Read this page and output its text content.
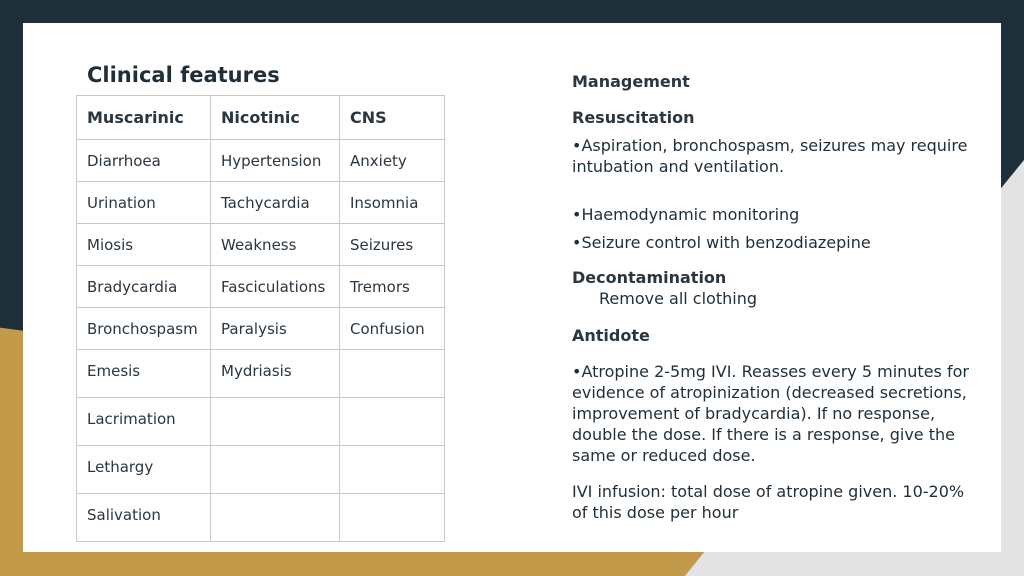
Clinical features
Muscarinic	Nicotinic	CNS
Diarrhoea	Hypertension	Anxiety
Urination	Tachycardia	Insomnia
Miosis	Weakness	Seizures
Bradycardia	Fasciculations	Tremors
Bronchospasm	Paralysis	Confusion
Emesis	Mydriasis	
Lacrimation		
Lethargy		
Salivation		

Management

Resuscitation

•Aspiration, bronchospasm, seizures may require intubation and ventilation.

•Haemodynamic monitoring

•Seizure control with benzodiazepine

Decontamination

Remove all clothing

Antidote

•Atropine 2-5mg IVI. Reasses every 5 minutes for evidence of atropinization (decreased secretions, improvement of bradycardia). If no response, double the dose. If there is a response, give the same or reduced dose.

IVI infusion: total dose of atropine given. 10-20% of this dose per hour
